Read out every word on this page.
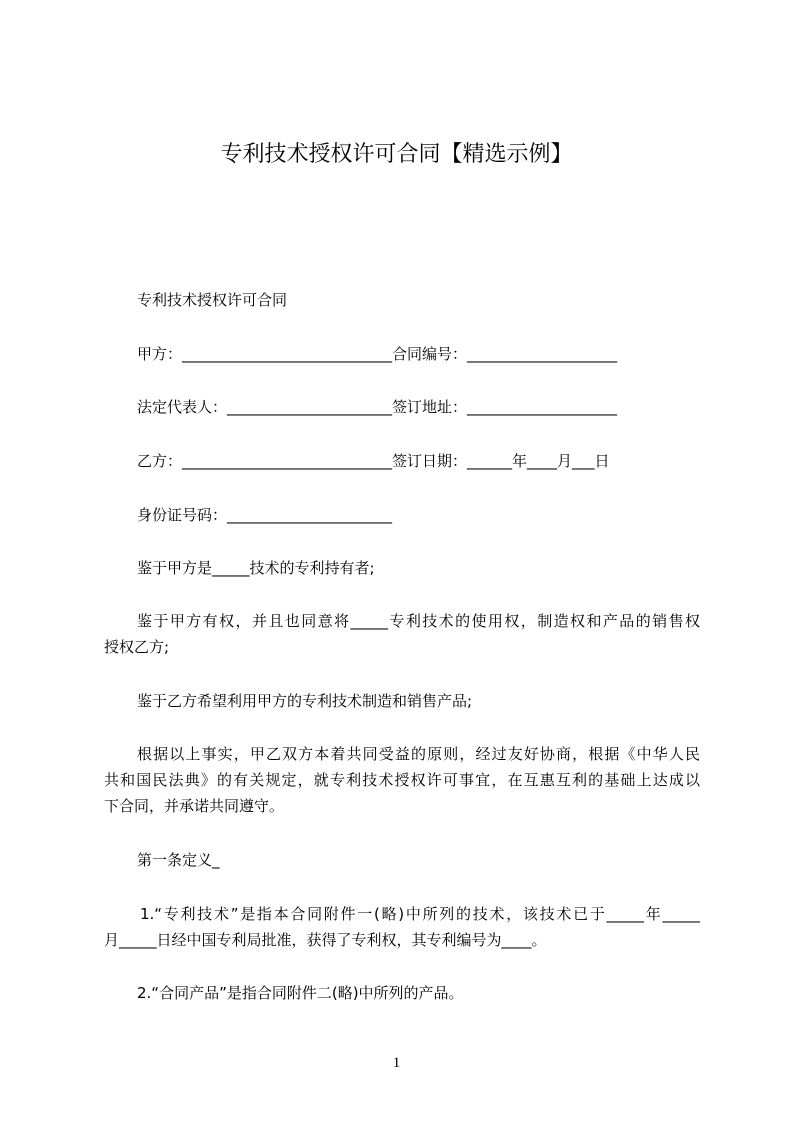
专利技术授权许可合同【精选示例】
专利技术授权许可合同
甲方：____________________________合同编号：____________________
法定代表人：______________________签订地址：____________________
乙方：____________________________签订日期：______年____月___日
身份证号码：______________________
鉴于甲方是_____技术的专利持有者;
鉴于甲方有权，并且也同意将_____专利技术的使用权，制造权和产品的销售权
授权乙方;
鉴于乙方希望利用甲方的专利技术制造和销售产品;
根据以上事实，甲乙双方本着共同受益的原则，经过友好协商，根据《中华人民
共和国民法典》的有关规定，就专利技术授权许可事宜，在互惠互利的基础上达成以
下合同，并承诺共同遵守。
第一条定义_
1.“专利技术”是指本合同附件一(略)中所列的技术，该技术已于_____年_____
月_____日经中国专利局批准，获得了专利权，其专利编号为____。
2.“合同产品”是指合同附件二(略)中所列的产品。
1
